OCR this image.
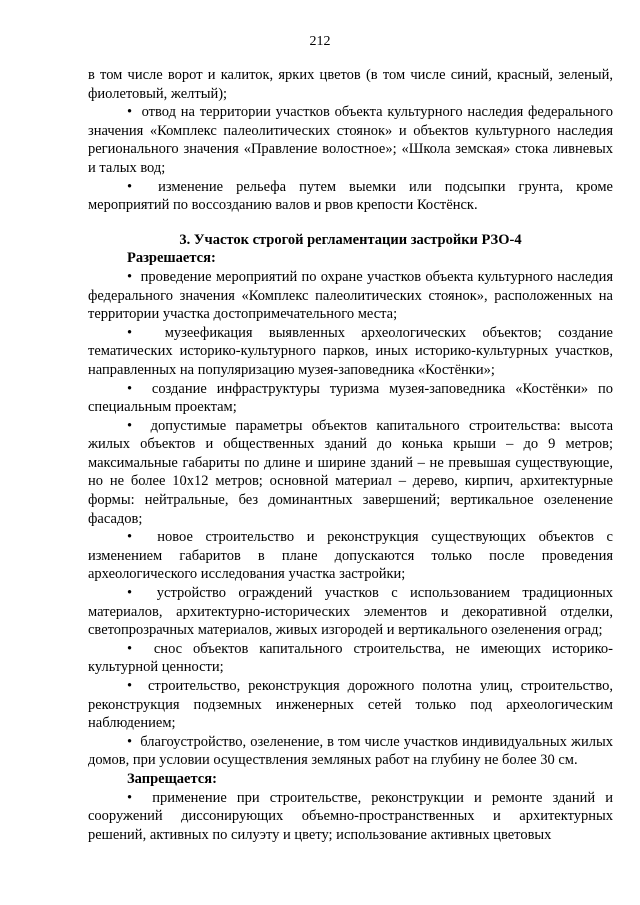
212

в том числе ворот и калиток, ярких цветов (в том числе синий, красный, зеленый, фиолетовый, желтый);

•  отвод на территории участков объекта культурного наследия федерального значения «Комплекс палеолитических стоянок» и объектов культурного наследия регионального значения «Правление волостное»; «Школа земская» стока ливневых и талых вод;

•  изменение рельефа путем выемки или подсыпки грунта, кроме мероприятий по воссозданию валов и рвов крепости Костёнск.

3. Участок строгой регламентации застройки РЗО-4

Разрешается:

•  проведение мероприятий по охране участков объекта культурного наследия федерального значения «Комплекс палеолитических стоянок», расположенных на территории участка достопримечательного места;

•  музеефикация выявленных археологических объектов; создание тематических историко-культурного парков, иных историко-культурных участков, направленных на популяризацию музея-заповедника «Костёнки»;

•  создание инфраструктуры туризма музея-заповедника «Костёнки» по специальным проектам;

•  допустимые параметры объектов капитального строительства: высота жилых объектов и общественных зданий до конька крыши – до 9 метров; максимальные габариты по длине и ширине зданий – не превышая существующие, но не более 10х12 метров; основной материал – дерево, кирпич, архитектурные формы: нейтральные, без доминантных завершений; вертикальное озеленение фасадов;

•  новое строительство и реконструкция существующих объектов с изменением габаритов в плане допускаются только после проведения археологического исследования участка застройки;

•  устройство ограждений участков с использованием традиционных материалов, архитектурно-исторических элементов и декоративной отделки, светопрозрачных материалов, живых изгородей и вертикального озеленения оград;

•  снос объектов капитального строительства, не имеющих историко-культурной ценности;

•  строительство, реконструкция дорожного полотна улиц, строительство, реконструкция подземных инженерных сетей только под археологическим наблюдением;

•  благоустройство, озеленение, в том числе участков индивидуальных жилых домов, при условии осуществления земляных работ на глубину не более 30 см.

Запрещается:

•  применение при строительстве, реконструкции и ремонте зданий и сооружений диссонирующих объемно-пространственных и архитектурных решений, активных по силуэту и цвету; использование активных цветовых
